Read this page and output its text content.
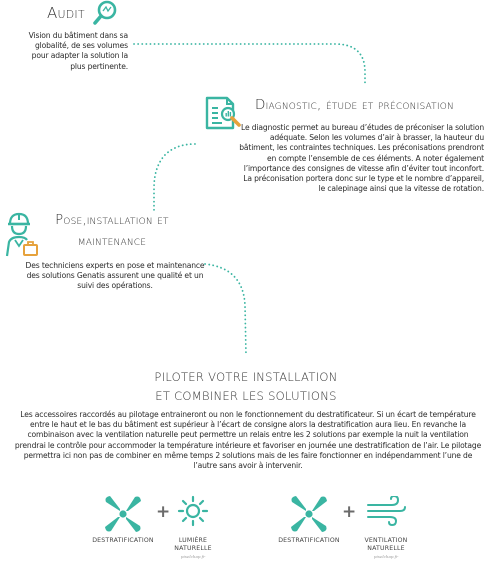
Audit
Vision du bâtiment dans sa globalité, de ses volumes pour adapter la solution la plus pertinente.
Diagnostic, étude et préconisation
Le diagnostic permet au bureau d’études de préconiser la solution adéquate. Selon les volumes d’air à brasser, la hauteur du bâtiment, les contraintes techniques. Les préconisations prendront en compte l’ensemble de ces éléments. A noter également l’importance des consignes de vitesse afin d’éviter tout inconfort. La préconisation portera donc sur le type et le nombre d’appareil, le calepinage ainsi que la vitesse de rotation.
Pose,installation et
maintenance
Des techniciens experts en pose et maintenance des solutions Genatis assurent une qualité et un suivi des opérations.
PILOTER VOTRE INSTALLATION
ET COMBINER LES SOLUTIONS
Les accessoires raccordés au pilotage entraineront ou non le fonctionnement du destratificateur. Si un écart de température entre le haut et le bas du bâtiment est supérieur à l’écart de consigne alors la destratification aura lieu. En revanche la combinaison avec la ventilation naturelle peut permettre un relais entre les 2 solutions par exemple la nuit la ventilation prendrai le contrôle pour accommoder la température intérieure et favoriser en journée une destratification de l’air. Le pilotage permettra ici non pas de combiner en même temps 2 solutions mais de les faire fonctionner en indépendamment l’une de l’autre sans avoir à intervenir.
DESTRATIFICATION
+
LUMIÈRE
NATURELLE
pixelchap.fr
DESTRATIFICATION
+
VENTILATION
NATURELLE
pixelchap.fr
